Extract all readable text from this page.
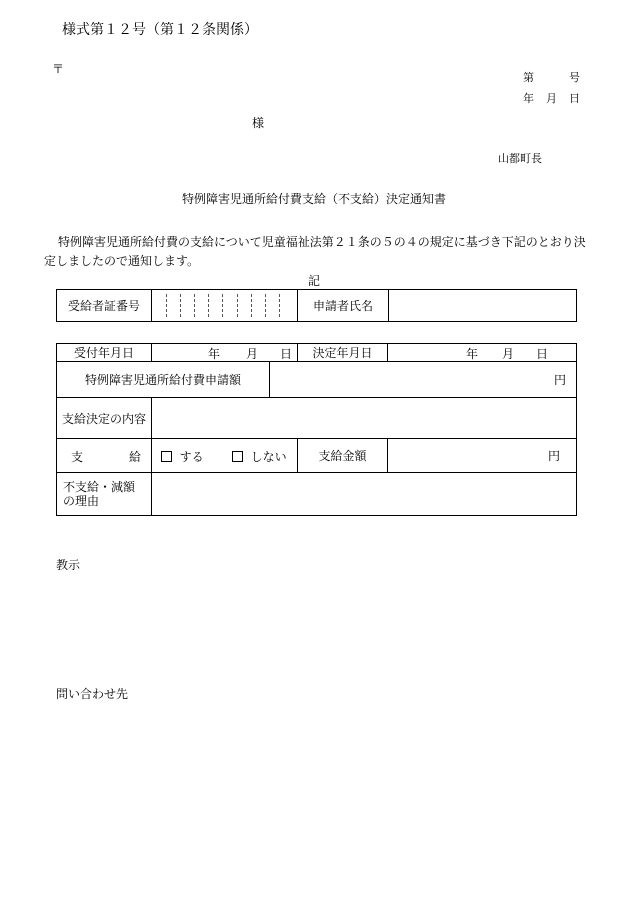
様式第１２号（第１２条関係）
〒
第	号
年 月 日
様
山都町長
特例障害児通所給付費支給（不支給）決定通知書
特例障害児通所給付費の支給について児童福祉法第２１条の５の４の規定に基づき下記のとおり決
定しましたので通知します。
記
受給者証番号		申請者氏名	
受付年月日	年 月 日		決定年月日	年 月 日

特例障害児通所給付費申請額		円		
支給決定の内容				

支 給	する しない		支給金額	円

不支給・減額
の理由				

教示
問い合わせ先
